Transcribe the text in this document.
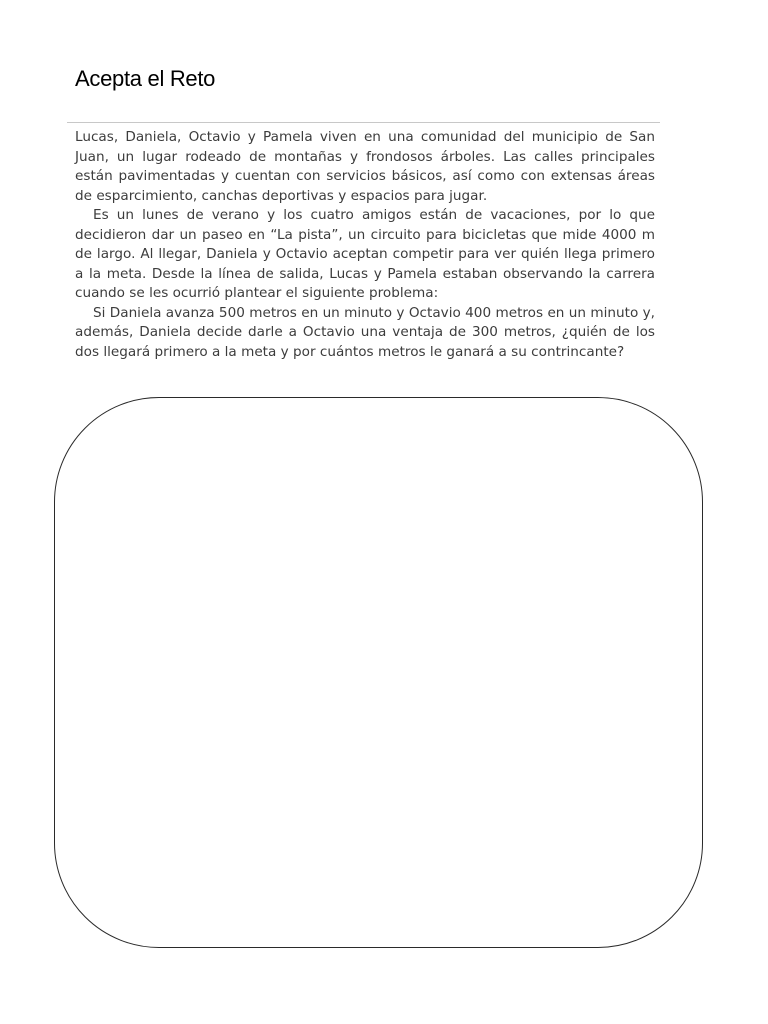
Acepta el Reto

Lucas, Daniela, Octavio y Pamela viven en una comunidad del municipio de San Juan, un lugar rodeado de montañas y frondosos árboles. Las calles principales están pavimentadas y cuentan con servicios básicos, así como con extensas áreas de esparcimiento, canchas deportivas y espacios para jugar.

Es un lunes de verano y los cuatro amigos están de vacaciones, por lo que decidieron dar un paseo en “La pista”, un circuito para bicicletas que mide 4000 m de largo. Al llegar, Daniela y Octavio aceptan competir para ver quién llega primero a la meta. Desde la línea de salida, Lucas y Pamela estaban observando la carrera cuando se les ocurrió plantear el siguiente problema:

Si Daniela avanza 500 metros en un minuto y Octavio 400 metros en un minuto y, además, Daniela decide darle a Octavio una ventaja de 300 metros, ¿quién de los dos llegará primero a la meta y por cuántos metros le ganará a su contrincante?
